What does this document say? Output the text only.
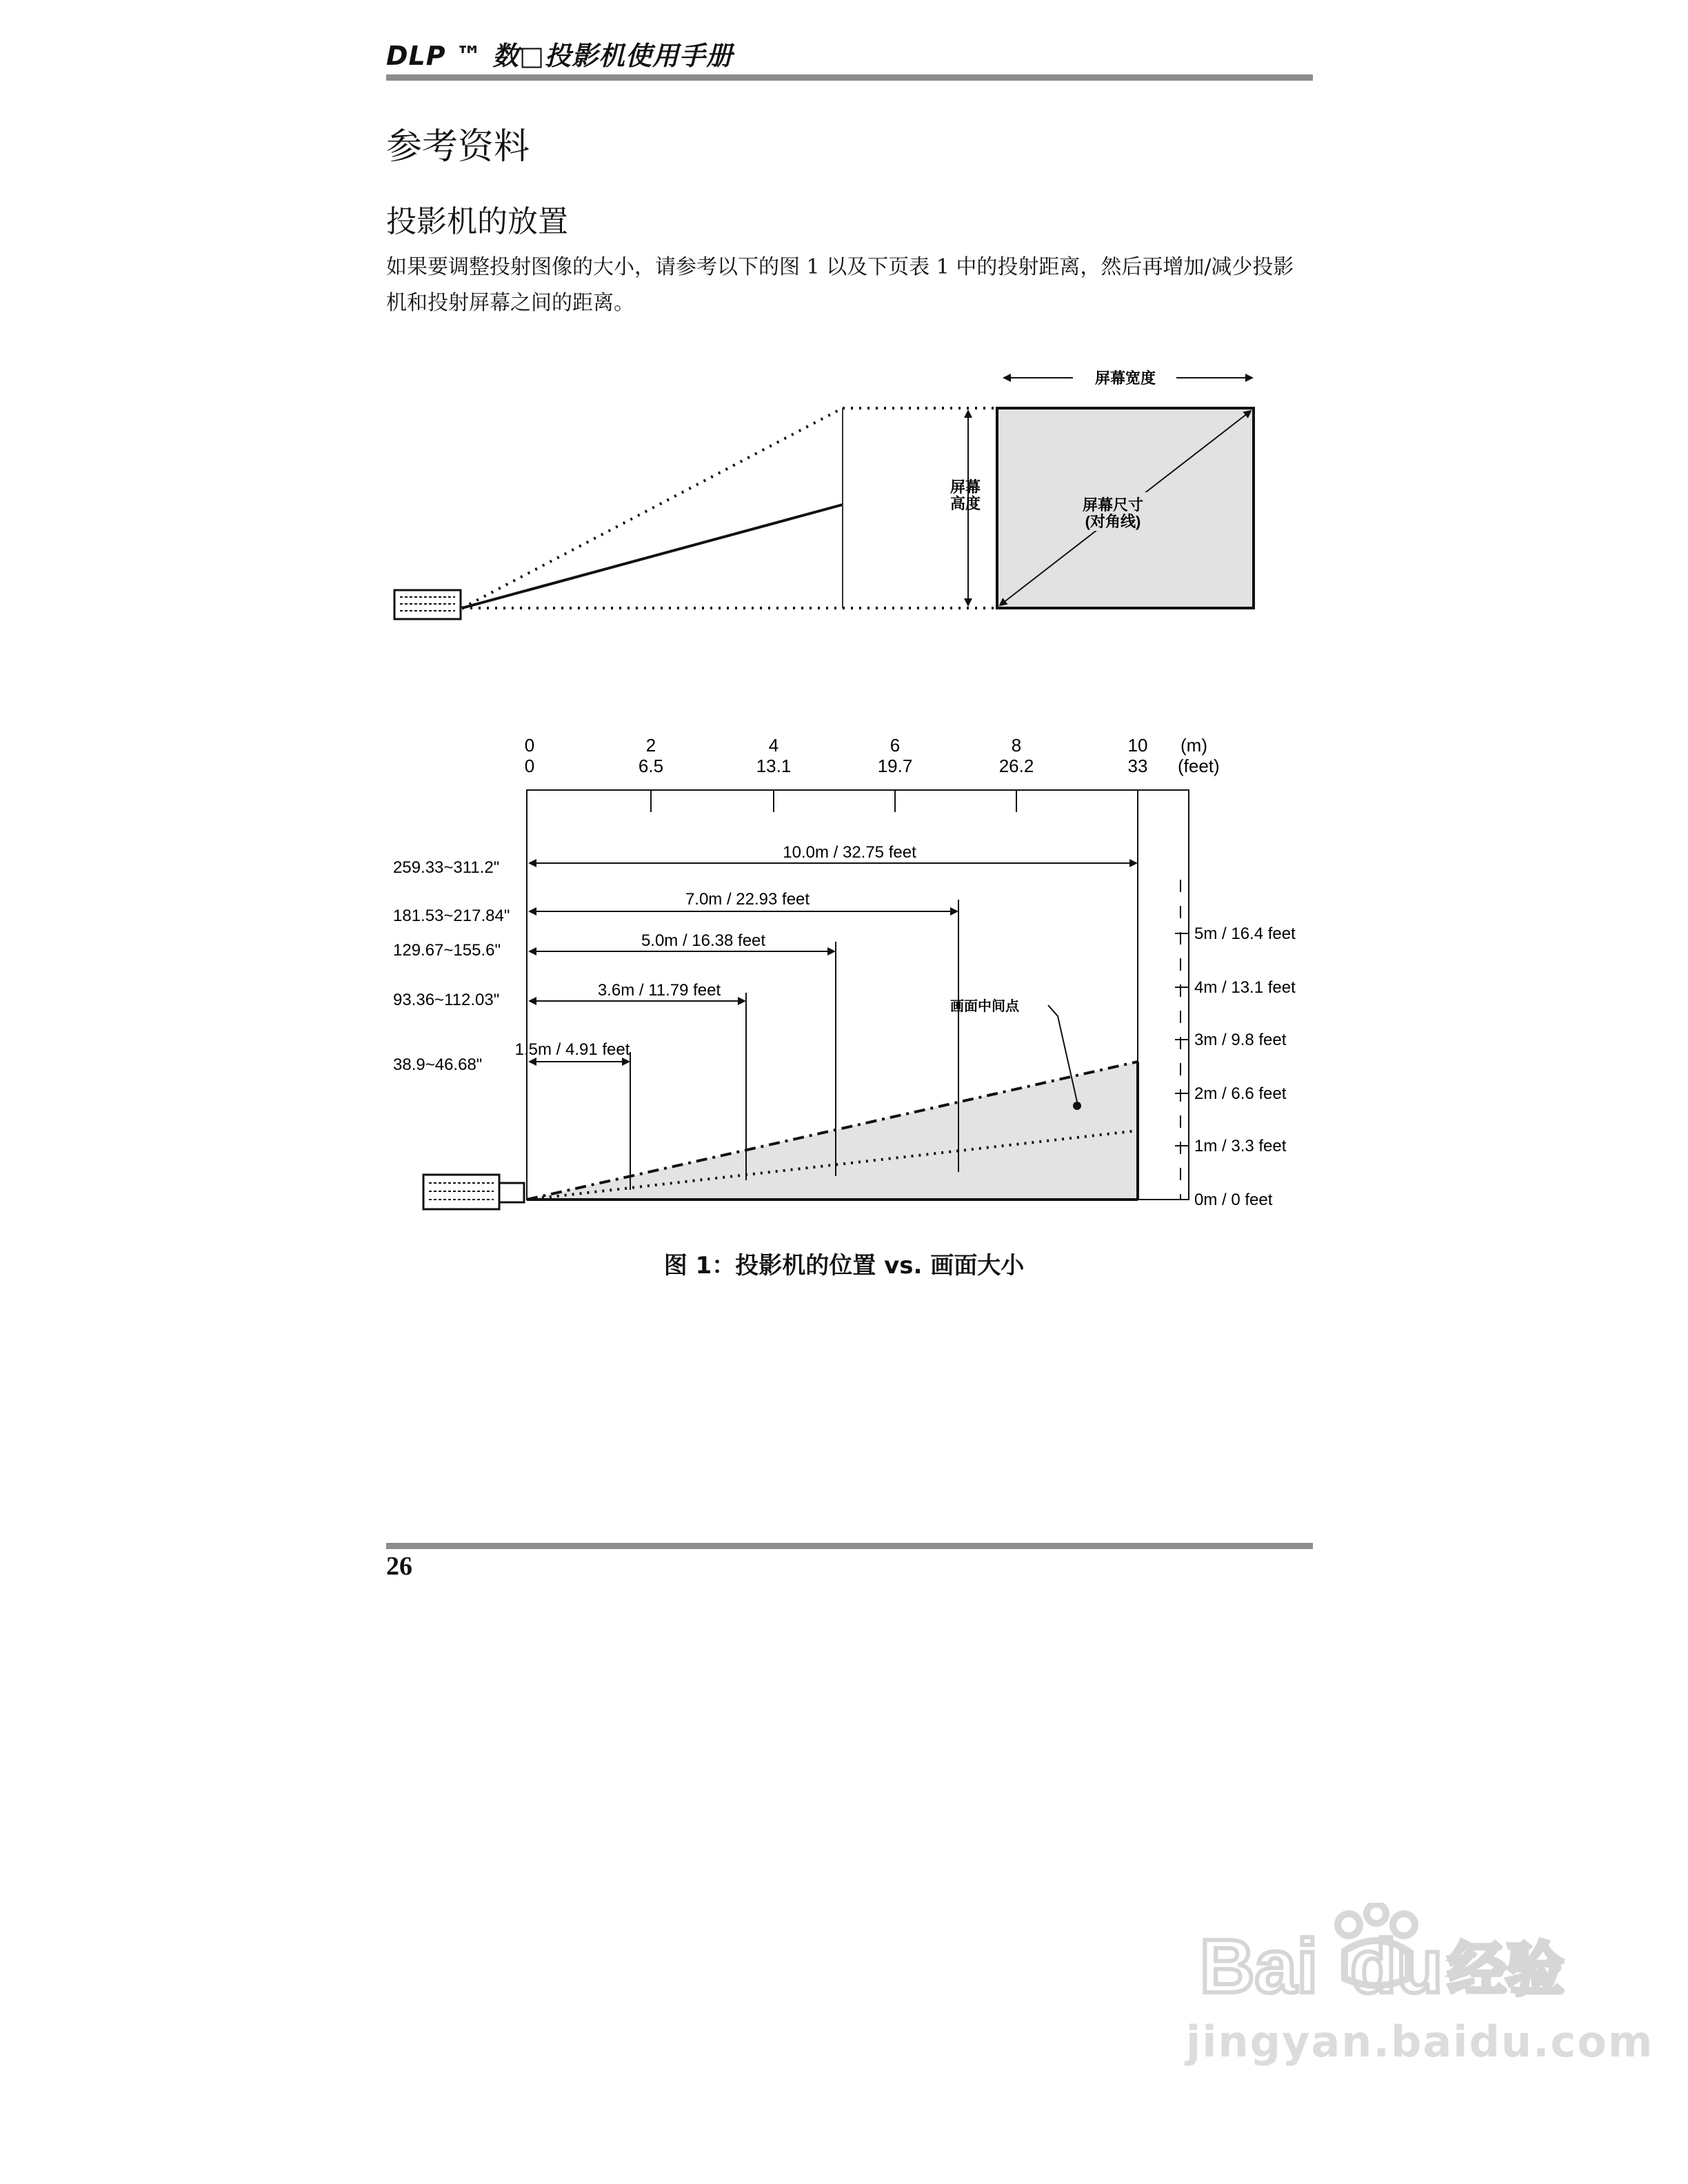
DLP ™ 数□投影机使用手册
参考资料
投影机的放置
如果要调整投射图像的大小，请参考以下的图 1 以及下页表 1 中的投射距离，然后再增加/减少投影机和投射屏幕之间的距离。
屏幕
高度	屏幕尺寸
(对角线)
屏幕宽度
0	2	4	6	8	10 (m)
0	6.5	13.1	19.7	26.2	33 (feet)
10.0m / 32.75 feet
7.0m / 22.93 feet
5.0m / 16.38 feet
3.6m / 11.79 feet
1.5m / 4.91 feet
259.33~311.2"
181.53~217.84"
129.67~155.6"
93.36~112.03"
38.9~46.68"
画面中间点
5m / 16.4 feet
4m / 13.1 feet
3m / 9.8 feet
2m / 6.6 feet
1m / 3.3 feet
0m / 0 feet
图 1：投影机的位置 vs. 画面大小
26
Bai du 经验
jingyan.baidu.com
